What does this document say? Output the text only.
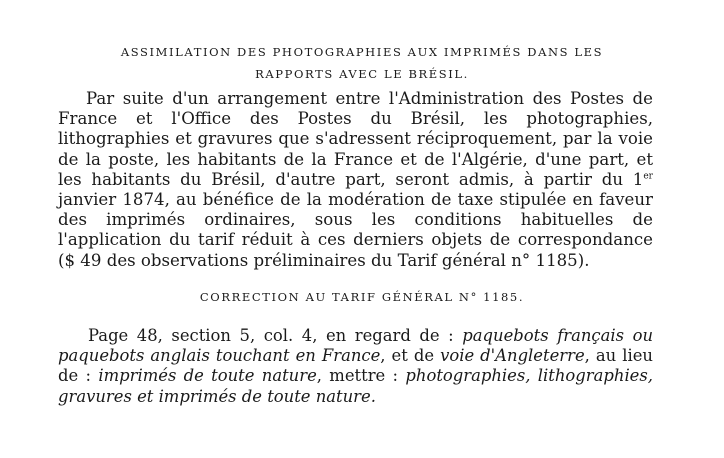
ASSIMILATION DES PHOTOGRAPHIES AUX IMPRIMÉS DANS LES
RAPPORTS AVEC LE BRÉSIL.

Par suite d'un arrangement entre l'Administration des Postes de France et l'Office des Postes du Brésil, les photographies, lithographies et gravures que s'adressent réciproquement, par la voie de la poste, les habitants de la France et de l'Algérie, d'une part, et les habitants du Brésil, d'autre part, seront admis, à partir du 1er janvier 1874, au bénéfice de la modération de taxe stipulée en faveur des imprimés ordinaires, sous les conditions habituelles de l'application du tarif réduit à ces derniers objets de correspondance ($ 49 des observations préliminaires du Tarif général n° 1185).

CORRECTION AU TARIF GÉNÉRAL N° 1185.

Page 48, section 5, col. 4, en regard de : paquebots français ou paquebots anglais touchant en France, et de voie d'Angleterre, au lieu de : imprimés de toute nature, mettre : photographies, lithographies, gravures et imprimés de toute nature.
